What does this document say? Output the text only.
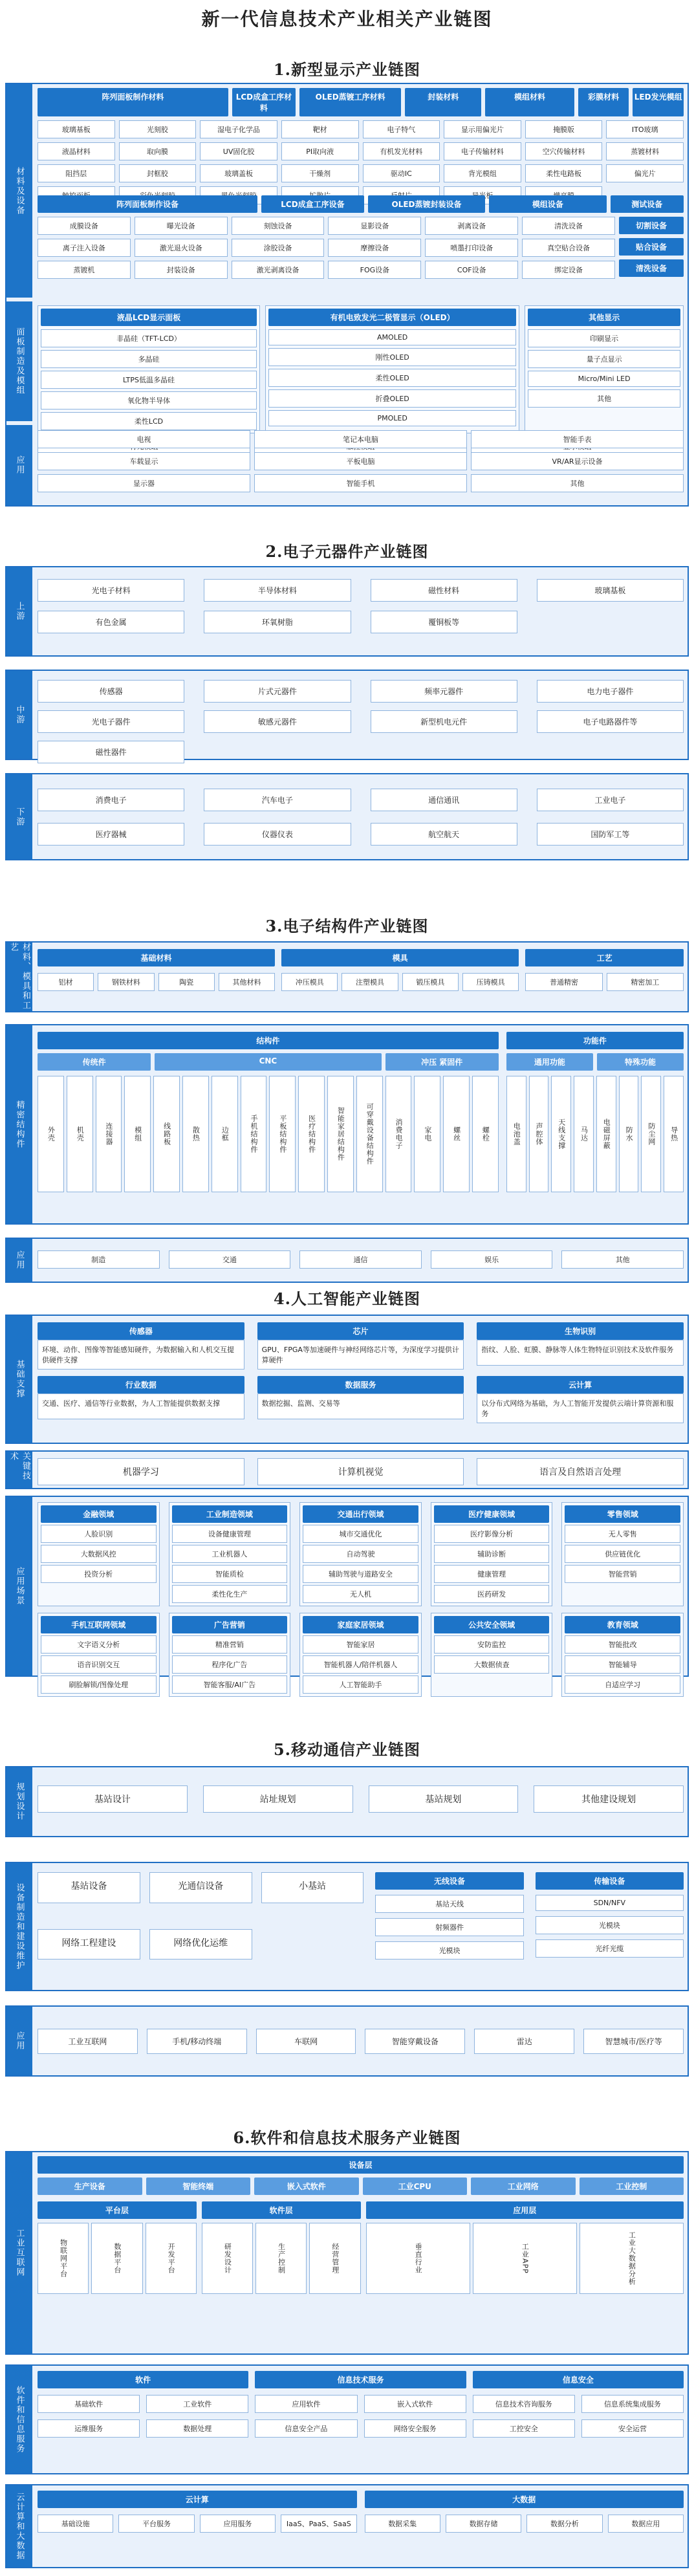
新一代信息技术产业相关产业链图
1.新型显示产业链图
材料及设备
面板制造及模组
应用
阵列面板制作材料	LCD成盒工序材料
OLED蒸镀工序材料	封装材料	模组材料	彩膜材料	LED发光模组
玻璃基板	光刻胶	湿电子化学品	靶材	电子特气	显示用偏光片	掩膜版	ITO玻璃
液晶材料	取向膜	UV固化胶	PI取向液	有机发光材料	电子传输材料	空穴传输材料	蒸镀材料
阻挡层	封框胶	玻璃盖板	干燥剂	驱动IC	背光模组	柔性电路板	偏光片
阵列面板制作设备	LCD成盒工序设备	OLED蒸镀封装设备	模组设备	测试设备
成膜设备	曝光设备	刻蚀设备	显影设备	剥离设备	清洗设备
离子注入设备	激光退火设备	涂胶设备	摩擦设备	喷墨打印设备	真空贴合设备
蒸镀机	封装设备	激光剥离设备	FOG设备	COF设备	绑定设备
切割设备
贴合设备
清洗设备
液晶LCD显示面板
非晶硅（TFT-LCD）
多晶硅
LTPS低温多晶硅
氧化物半导体
柔性LCD
有机电致发光二极管显示（OLED）
AMOLED
刚性OLED
柔性OLED
折叠OLED
PMOLED
其他显示
印刷显示
量子点显示
Micro/Mini LED
其他
电视	笔记本电脑	智能手表
车载显示	平板电脑	VR/AR显示设备
显示器	智能手机	其他
2.电子元器件产业链图
上游
光电子材料	半导体材料	磁性材料	玻璃基板
有色金属	环氧树脂	覆铜板等
中游
传感器	片式元器件	频率元器件	电力电子器件
光电子器件	敏感元器件	新型机电元件	电子电路器件等
磁性器件
下游
消费电子	汽车电子	通信通讯	工业电子
医疗器械	仪器仪表	航空航天	国防军工等
3.电子结构件产业链图
材料、模具和工艺
基础材料	模具	工艺
铝材	钢铁材料	陶瓷	其他材料	冲压模具	注塑模具	锻压模具	压铸模具	普通精密	精密加工
精密结构件
结构件	功能件
传统件	CNC	冲压 紧固件	通用功能	特殊功能
外壳	机壳	连接器	模组	线路板	散热	边框	手机结构件	平板结构件	医疗结构件	智能家居结构件	可穿戴设备结构件	消费电子	家电	螺丝	螺栓	电池盖	声腔体	天线支撑	马达	电磁屏蔽	防水	防尘网	导热
应用	制造	交通	通信	娱乐	其他
4.人工智能产业链图
基础支撑
传感器
环境、动作、图像等智能感知硬件，为数据输入和人机交互提供硬件支撑
芯片
GPU、FPGA等加速硬件与神经网络芯片等，为深度学习提供计算硬件
生物识别
指纹、人脸、虹膜、静脉等人体生物特征识别技术及软件服务
行业数据
交通、医疗、通信等行业数据，为人工智能提供数据支撑
数据服务
数据挖掘、监测、交易等
云计算
以分布式网络为基础，为人工智能开发提供云端计算资源和服务
关键技术
机器学习	计算机视觉	语言及自然语言处理
应用场景
金融领域
人脸识别
大数据风控
投资分析
工业制造领域
设备健康管理
工业机器人
智能质检
柔性化生产
交通出行领域
城市交通优化
自动驾驶
辅助驾驶与道路安全
无人机
医疗健康领域
医疗影像分析
辅助诊断
健康管理
医药研发
零售领域
无人零售
供应链优化
智能营销
手机互联网领域
文字语义分析
语音识别交互
刷脸解锁/图像处理
广告营销
精准营销
程序化广告
智能客服/AI广告
家庭家居领域
智能家居
智能机器人/陪伴机器人
人工智能助手
公共安全领域
安防监控
大数据侦查
教育领域
智能批改
智能辅导
自适应学习
5.移动通信产业链图
规划设计	基站设计	站址规划	基站规划	其他建设规划
设备制造和建设维护	基站设备	光通信设备	小基站
网络工程建设	网络优化运维
无线设备
基站天线
射频器件
光模块
传输设备
SDN/NFV
光模块
光纤光缆
应用	工业互联网	手机/移动终端	车联网	智能穿戴设备	雷达	智慧城市/医疗等
6.软件和信息技术服务产业链图
工业互联网
设备层
生产设备	智能终端	嵌入式软件	工业CPU	工业网络	工业控制
平台层	软件层	应用层
物联网平台	数据平台	开发平台	研发设计	生产控制	经营管理	垂直行业	工业APP	工业大数据分析
软件和信息服务
软件	信息技术服务	信息安全
基础软件	工业软件	应用软件	嵌入式软件	信息技术咨询服务	信息系统集成服务
运维服务	数据处理	信息安全产品	网络安全服务	工控安全	安全运营
云计算和大数据	云计算	大数据
基础设施	平台服务	应用服务	IaaS、PaaS、SaaS	数据采集	数据存储	数据分析	数据应用
